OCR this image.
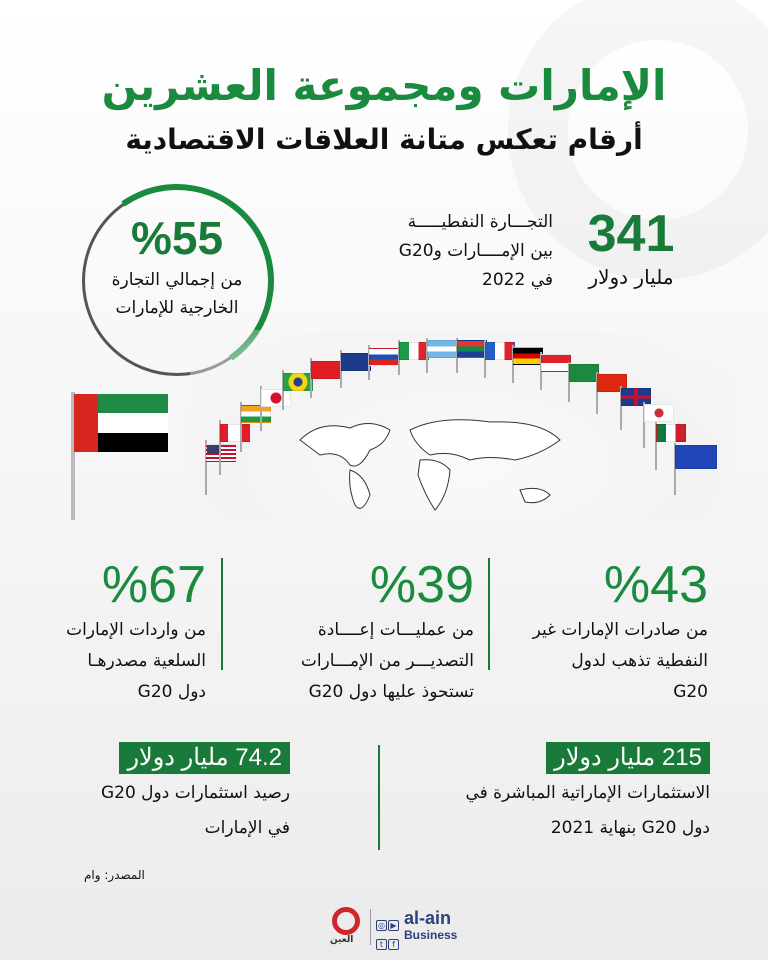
الإمارات ومجموعة العشرين
أرقام تعكس متانة العلاقات الاقتصادية
341
مليار دولار
التجـــارة النفطيـــــة
بين الإمــــارات وG20
في 2022
%55
من إجمالي التجارة
الخارجية للإمارات
%43
من صادرات الإمارات غير
النفطية تذهب لدول
G20
%39
من عمليـــات إعــــادة
التصديـــر من الإمـــارات
تستحوذ عليها دول G20
%67
من واردات الإمارات
السلعية مصدرهـا
دول G20
215 مليار دولار
الاستثمارات الإماراتية المباشرة في
دول G20 بنهاية 2021
74.2 مليار دولار
رصيد استثمارات دول G20
في الإمارات
المصدر: وام
العين
◎ ▶t f
al-ain
Business
